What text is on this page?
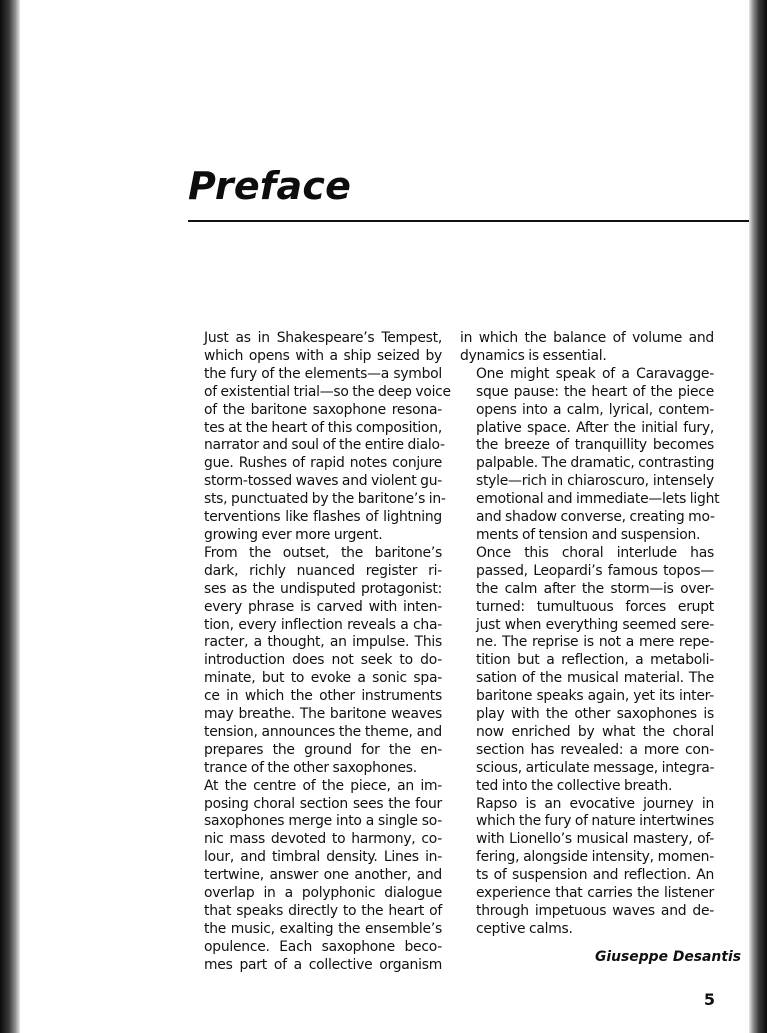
Preface

Just as in Shakespeare’s Tempest,
which opens with a ship seized by
the fury of the elements—a symbol
of existential trial—so the deep voice
of the baritone saxophone resona-
tes at the heart of this composition,
narrator and soul of the entire dialo-
gue. Rushes of rapid notes conjure
storm-tossed waves and violent gu-
sts, punctuated by the baritone’s in-
terventions like flashes of lightning
growing ever more urgent.

From the outset, the baritone’s
dark, richly nuanced register ri-
ses as the undisputed protagonist:
every phrase is carved with inten-
tion, every inflection reveals a cha-
racter, a thought, an impulse. This
introduction does not seek to do-
minate, but to evoke a sonic spa-
ce in which the other instruments
may breathe. The baritone weaves
tension, announces the theme, and
prepares the ground for the en-
trance of the other saxophones.

At the centre of the piece, an im-
posing choral section sees the four
saxophones merge into a single so-
nic mass devoted to harmony, co-
lour, and timbral density. Lines in-
tertwine, answer one another, and
overlap in a polyphonic dialogue
that speaks directly to the heart of
the music, exalting the ensemble’s
opulence. Each saxophone beco-
mes part of a collective organism

in which the balance of volume and
dynamics is essential.

One might speak of a Caravagge-
sque pause: the heart of the piece
opens into a calm, lyrical, contem-
plative space. After the initial fury,
the breeze of tranquillity becomes
palpable. The dramatic, contrasting
style—rich in chiaroscuro, intensely
emotional and immediate—lets light
and shadow converse, creating mo-
ments of tension and suspension.

Once this choral interlude has
passed, Leopardi’s famous topos—
the calm after the storm—is over-
turned: tumultuous forces erupt
just when everything seemed sere-
ne. The reprise is not a mere repe-
tition but a reflection, a metaboli-
sation of the musical material. The
baritone speaks again, yet its inter-
play with the other saxophones is
now enriched by what the choral
section has revealed: a more con-
scious, articulate message, integra-
ted into the collective breath.

Rapso is an evocative journey in
which the fury of nature intertwines
with Lionello’s musical mastery, of-
fering, alongside intensity, momen-
ts of suspension and reflection. An
experience that carries the listener
through impetuous waves and de-
ceptive calms.

Giuseppe Desantis
5
